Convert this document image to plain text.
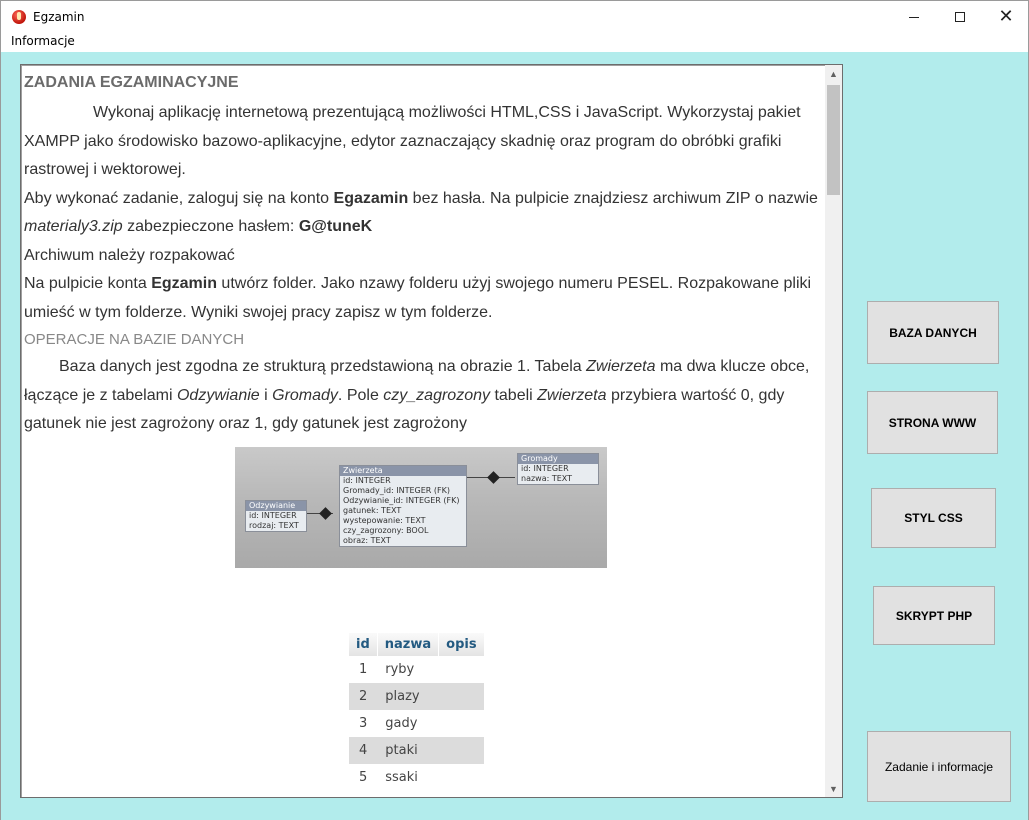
Egzamin	✕
Informacje
ZADANIA EGZAMINACYJNE
Wykonaj aplikację internetową prezentującą możliwości HTML,CSS i JavaScript. Wykorzystaj pakiet XAMPP jako środowisko bazowo-aplikacyjne, edytor zaznaczający skadnię oraz program do obróbki grafiki rastrowej i wektorowej.
Aby wykonać zadanie, zaloguj się na konto Egazamin bez hasła. Na pulpicie znajdziesz archiwum ZIP o nazwie materialy3.zip zabezpieczone hasłem: G@tuneK
Archiwum należy rozpakować
Na pulpicie konta Egzamin utwórz folder. Jako nzawy folderu użyj swojego numeru PESEL. Rozpakowane pliki umieść w tym folderze. Wyniki swojej pracy zapisz w tym folderze.
OPERACJE NA BAZIE DANYCH
Baza danych jest zgodna ze strukturą przedstawioną na obrazie 1. Tabela Zwierzeta ma dwa klucze obce, łączące je z tabelami Odzywianie i Gromady. Pole czy_zagrozony tabeli Zwierzeta przybiera wartość 0, gdy gatunek nie jest zagrożony oraz 1, gdy gatunek jest zagrożony
Odzywianie
id: INTEGER
rodzaj: TEXT
Zwierzeta
id: INTEGER
Gromady_id: INTEGER (FK)
Odzywianie_id: INTEGER (FK)
gatunek: TEXT
wystepowanie: TEXT
czy_zagrozony: BOOL
obraz: TEXT
Gromady
id: INTEGER
nazwa: TEXT
id	nazwa	opis
1	ryby	
2	plazy	
3	gady	
4	ptaki	
5	ssaki	
▲
▼
BAZA DANYCH
STRONA WWW
STYL CSS
SKRYPT PHP
Zadanie i informacje
